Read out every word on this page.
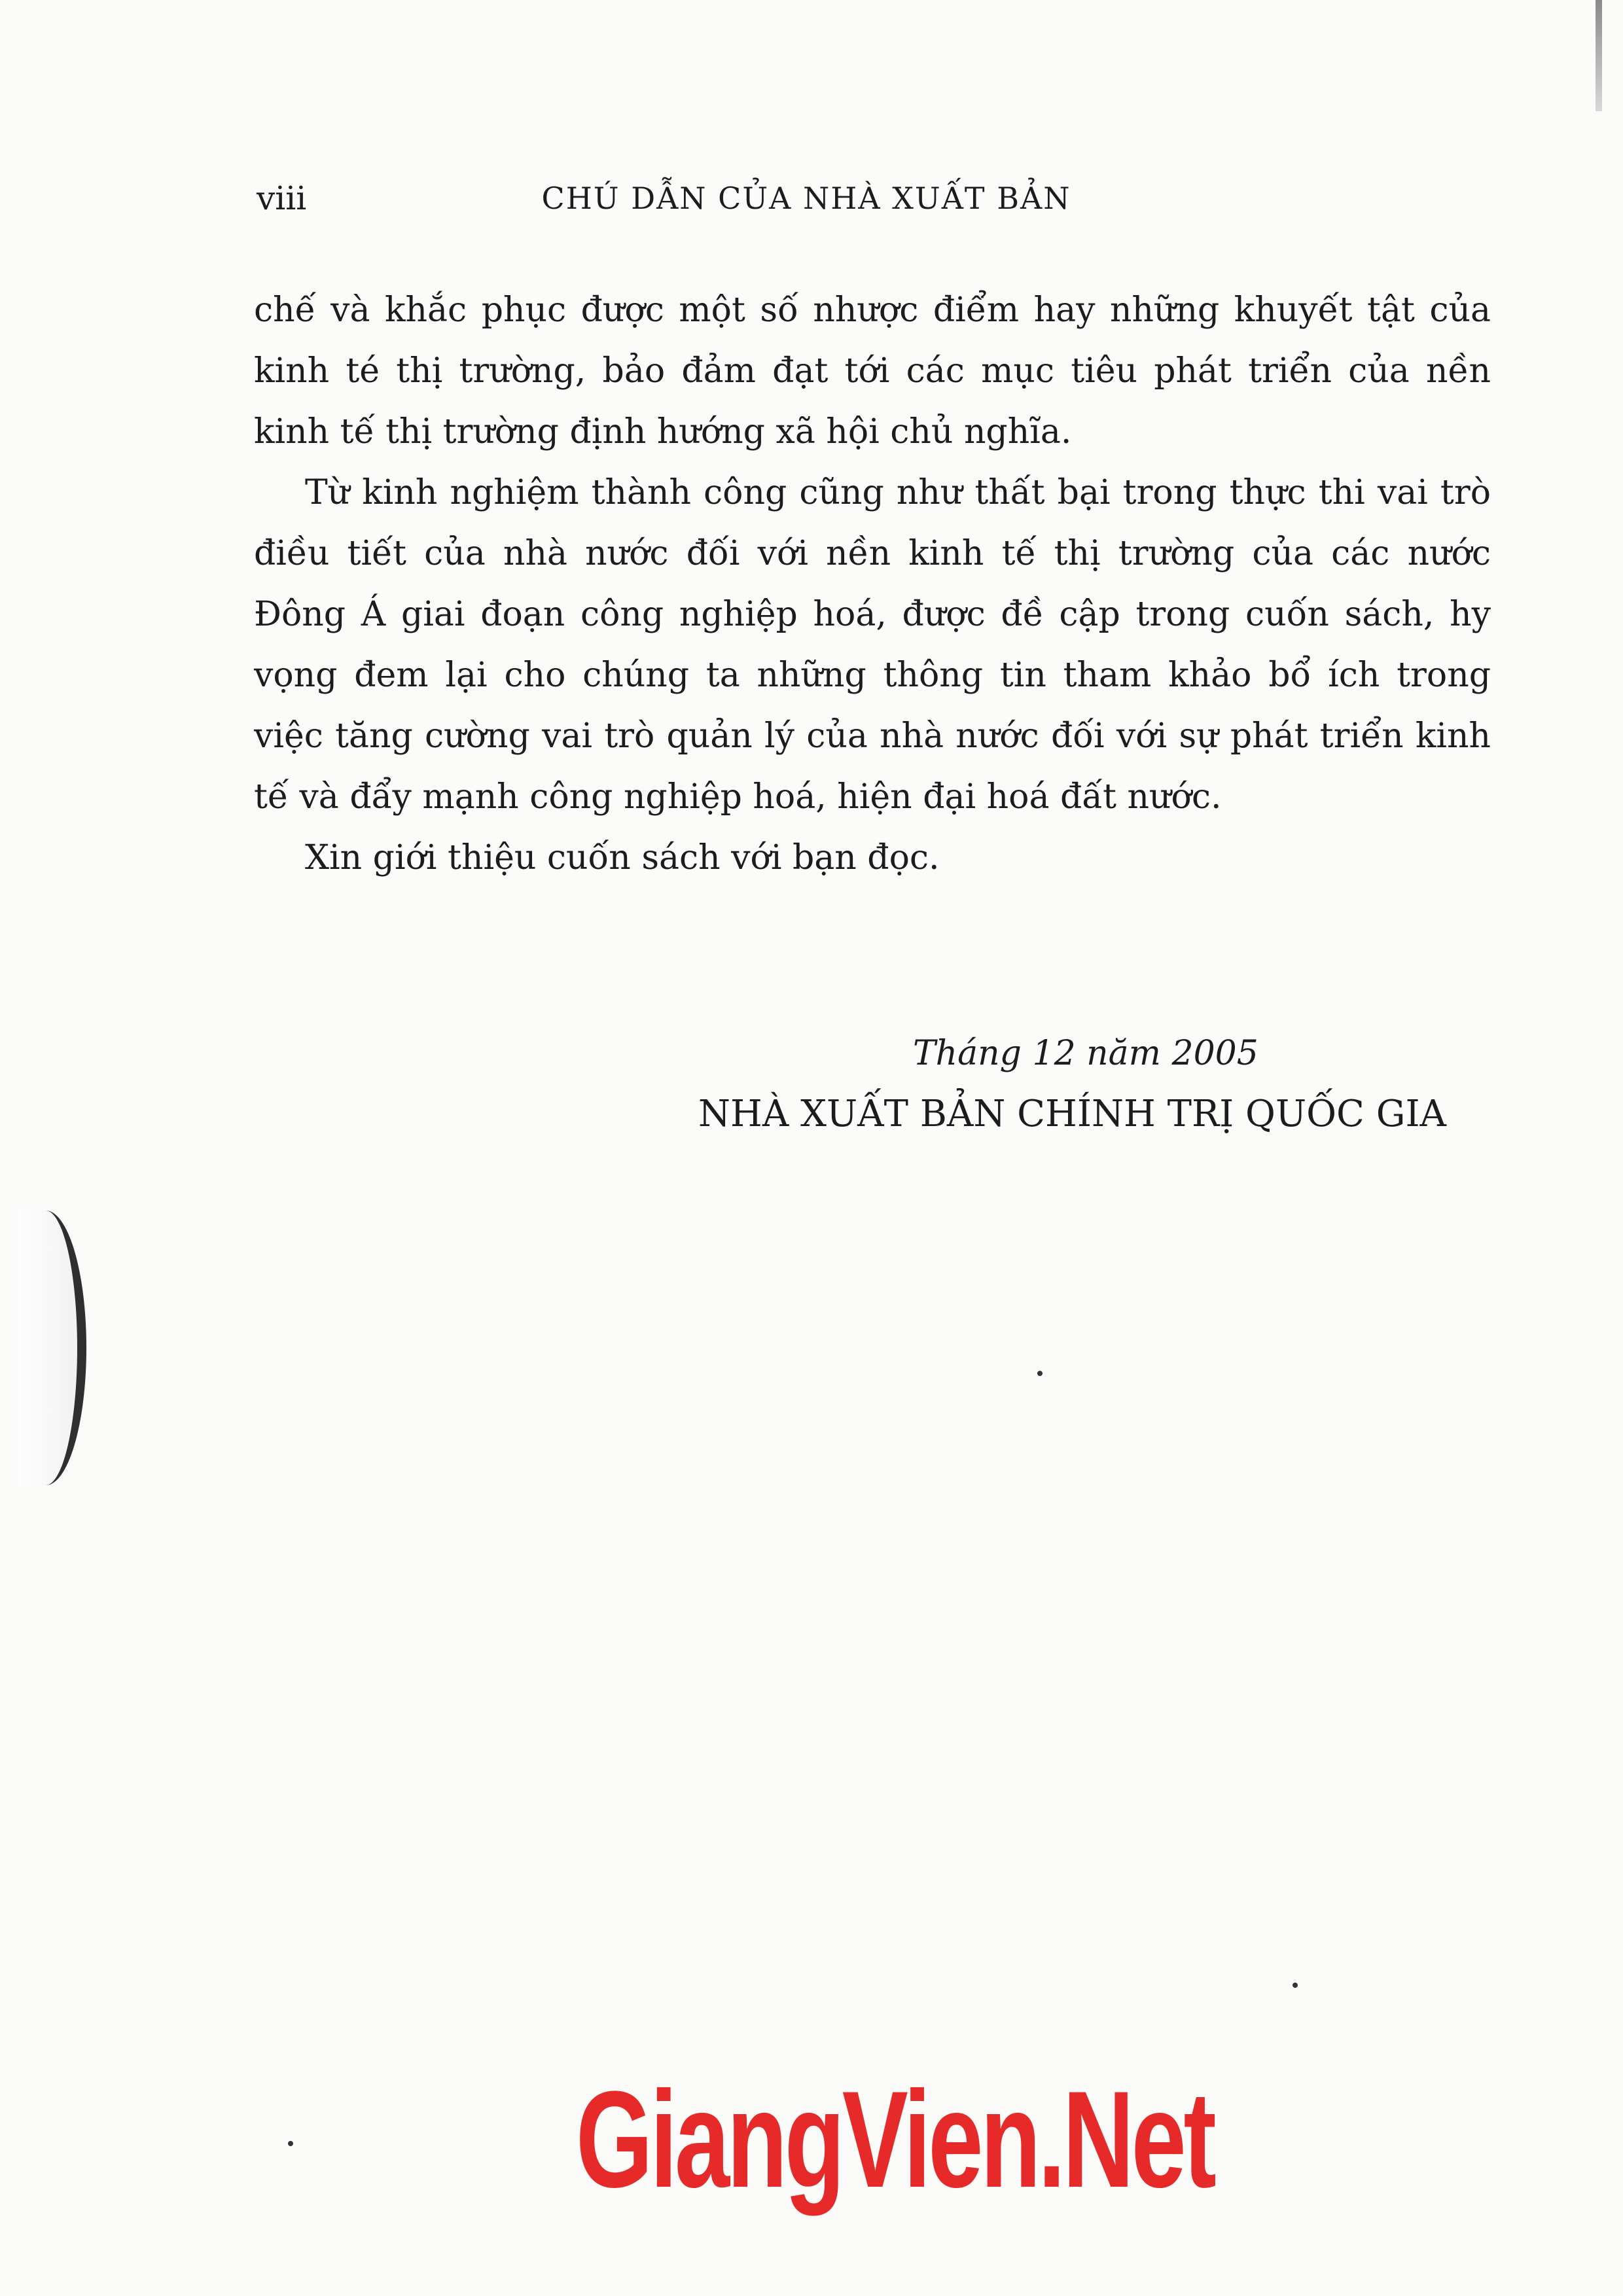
viii	CHÚ DẪN CỦA NHÀ XUẤT BẢN

chế và khắc phục được một số nhược điểm hay những khuyết tật của kinh té thị trường, bảo đảm đạt tới các mục tiêu phát triển của nền kinh tế thị trường định hướng xã hội chủ nghĩa.

Từ kinh nghiệm thành công cũng như thất bại trong thực thi vai trò điều tiết của nhà nước đối với nền kinh tế thị trường của các nước Đông Á giai đoạn công nghiệp hoá, được đề cập trong cuốn sách, hy vọng đem lại cho chúng ta những thông tin tham khảo bổ ích trong việc tăng cường vai trò quản lý của nhà nước đối với sự phát triển kinh tế và đẩy mạnh công nghiệp hoá, hiện đại hoá đất nước.

Xin giới thiệu cuốn sách với bạn đọc.

Tháng 12 năm 2005
NHÀ XUẤT BẢN CHÍNH TRỊ QUỐC GIA
GiangVien.Net
